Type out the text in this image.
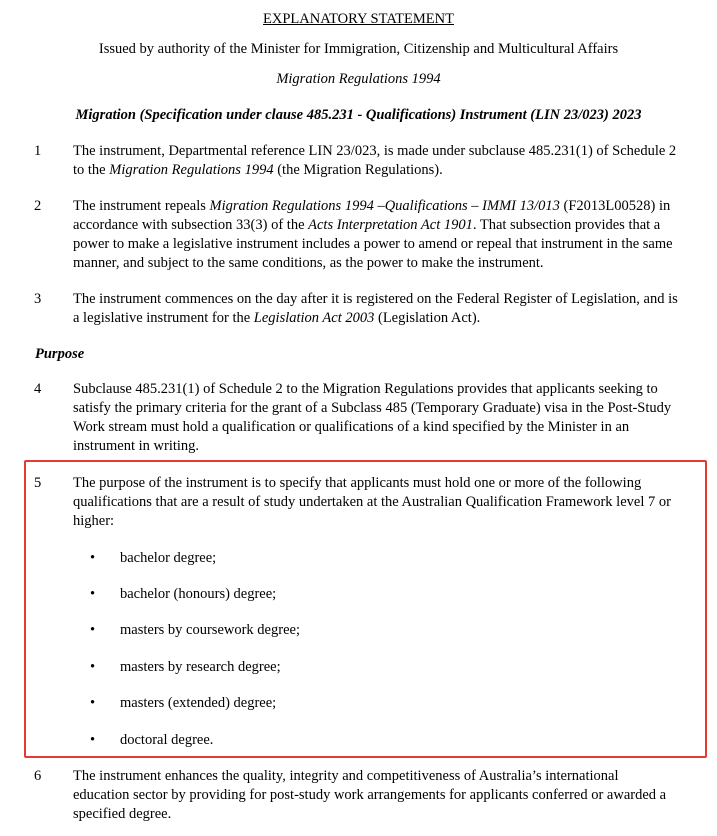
EXPLANATORY STATEMENT
Issued by authority of the Minister for Immigration, Citizenship and Multicultural Affairs
Migration Regulations 1994
Migration (Specification under clause 485.231 - Qualifications) Instrument (LIN 23/023) 2023
1 The instrument, Departmental reference LIN 23/023, is made under subclause 485.231(1) of Schedule 2

to the Migration Regulations 1994 (the Migration Regulations).

2 The instrument repeals Migration Regulations 1994 –Qualifications – IMMI 13/013 (F2013L00528) in

accordance with subsection 33(3) of the Acts Interpretation Act 1901. That subsection provides that a

power to make a legislative instrument includes a power to amend or repeal that instrument in the same

manner, and subject to the same conditions, as the power to make the instrument.

3 The instrument commences on the day after it is registered on the Federal Register of Legislation, and is

a legislative instrument for the Legislation Act 2003 (Legislation Act).

Purpose
4 Subclause 485.231(1) of Schedule 2 to the Migration Regulations provides that applicants seeking to

satisfy the primary criteria for the grant of a Subclass 485 (Temporary Graduate) visa in the Post-Study

Work stream must hold a qualification or qualifications of a kind specified by the Minister in an

instrument in writing.

5 The purpose of the instrument is to specify that applicants must hold one or more of the following

qualifications that are a result of study undertaken at the Australian Qualification Framework level 7 or

higher:

• bachelor degree;
• bachelor (honours) degree;
• masters by coursework degree;
• masters by research degree;
• masters (extended) degree;
• doctoral degree.
6 The instrument enhances the quality, integrity and competitiveness of Australia’s international

education sector by providing for post-study work arrangements for applicants conferred or awarded a

specified degree.
